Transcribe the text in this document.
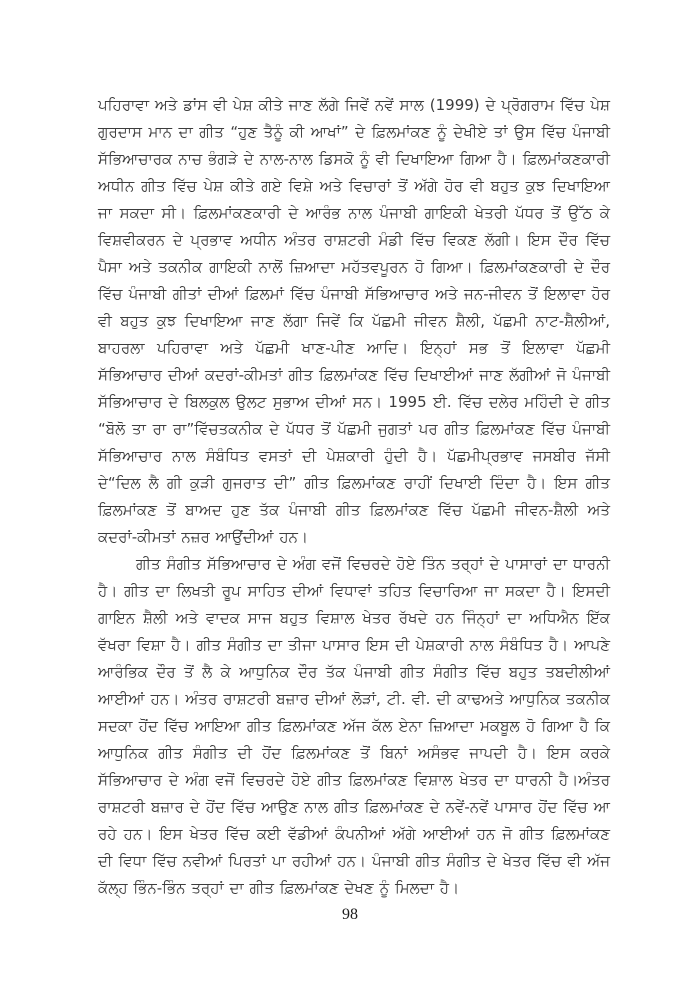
ਪਹਿਰਾਵਾ ਅਤੇ ਡਾਂਸ ਵੀ ਪੇਸ਼ ਕੀਤੇ ਜਾਣ ਲੱਗੇ ਜਿਵੇਂ ਨਵੇਂ ਸਾਲ (1999) ਦੇ ਪ੍ਰੋਗਰਾਮ ਵਿੱਚ ਪੇਸ਼ ਗੁਰਦਾਸ ਮਾਨ ਦਾ ਗੀਤ “ਹੁਣ ਤੈਨੂੰ ਕੀ ਆਖਾਂ” ਦੇ ਫ਼ਿਲਮਾਂਕਣ ਨੂੰ ਦੇਖੀਏ ਤਾਂ ਉਸ ਵਿੱਚ ਪੰਜਾਬੀ ਸੱਭਿਆਚਾਰਕ ਨਾਚ ਭੰਗੜੇ ਦੇ ਨਾਲ-ਨਾਲ ਡਿਸਕੋ ਨੂੰ ਵੀ ਦਿਖਾਇਆ ਗਿਆ ਹੈ। ਫ਼ਿਲਮਾਂਕਣਕਾਰੀ ਅਧੀਨ ਗੀਤ ਵਿੱਚ ਪੇਸ਼ ਕੀਤੇ ਗਏ ਵਿਸ਼ੇ ਅਤੇ ਵਿਚਾਰਾਂ ਤੋਂ ਅੱਗੇ ਹੋਰ ਵੀ ਬਹੁਤ ਕੁਝ ਦਿਖਾਇਆ ਜਾ ਸਕਦਾ ਸੀ। ਫ਼ਿਲਮਾਂਕਣਕਾਰੀ ਦੇ ਆਰੰਭ ਨਾਲ ਪੰਜਾਬੀ ਗਾਇਕੀ ਖੇਤਰੀ ਪੱਧਰ ਤੋਂ ਉੱਠ ਕੇ ਵਿਸ਼ਵੀਕਰਨ ਦੇ ਪ੍ਰਭਾਵ ਅਧੀਨ ਅੰਤਰ ਰਾਸ਼ਟਰੀ ਮੰਡੀ ਵਿੱਚ ਵਿਕਣ ਲੱਗੀ। ਇਸ ਦੌਰ ਵਿੱਚ ਪੈਸਾ ਅਤੇ ਤਕਨੀਕ ਗਾਇਕੀ ਨਾਲੋਂ ਜ਼ਿਆਦਾ ਮਹੱਤਵਪੂਰਨ ਹੋ ਗਿਆ। ਫ਼ਿਲਮਾਂਕਣਕਾਰੀ ਦੇ ਦੌਰ ਵਿੱਚ ਪੰਜਾਬੀ ਗੀਤਾਂ ਦੀਆਂ ਫ਼ਿਲਮਾਂ ਵਿੱਚ ਪੰਜਾਬੀ ਸੱਭਿਆਚਾਰ ਅਤੇ ਜਨ-ਜੀਵਨ ਤੋਂ ਇਲਾਵਾ ਹੋਰ ਵੀ ਬਹੁਤ ਕੁਝ ਦਿਖਾਇਆ ਜਾਣ ਲੱਗਾ ਜਿਵੇਂ ਕਿ ਪੱਛਮੀ ਜੀਵਨ ਸ਼ੈਲੀ, ਪੱਛਮੀ ਨਾਟ-ਸ਼ੈਲੀਆਂ, ਬਾਹਰਲਾ ਪਹਿਰਾਵਾ ਅਤੇ ਪੱਛਮੀ ਖਾਣ-ਪੀਣ ਆਦਿ। ਇਨ੍ਹਾਂ ਸਭ ਤੋਂ ਇਲਾਵਾ ਪੱਛਮੀ ਸੱਭਿਆਚਾਰ ਦੀਆਂ ਕਦਰਾਂ-ਕੀਮਤਾਂ ਗੀਤ ਫ਼ਿਲਮਾਂਕਣ ਵਿੱਚ ਦਿਖਾਈਆਂ ਜਾਣ ਲੱਗੀਆਂ ਜੋ ਪੰਜਾਬੀ ਸੱਭਿਆਚਾਰ ਦੇ ਬਿਲਕੁਲ ਉਲਟ ਸੁਭਾਅ ਦੀਆਂ ਸਨ। 1995 ਈ. ਵਿੱਚ ਦਲੇਰ ਮਹਿੰਦੀ ਦੇ ਗੀਤ “ਬੋਲੋ ਤਾ ਰਾ ਰਾ”ਵਿੱਚਤਕਨੀਕ ਦੇ ਪੱਧਰ ਤੋਂ ਪੱਛਮੀ ਜੁਗਤਾਂ ਪਰ ਗੀਤ ਫ਼ਿਲਮਾਂਕਣ ਵਿੱਚ ਪੰਜਾਬੀ ਸੱਭਿਆਚਾਰ ਨਾਲ ਸੰਬੰਧਿਤ ਵਸਤਾਂ ਦੀ ਪੇਸ਼ਕਾਰੀ ਹੁੰਦੀ ਹੈ। ਪੱਛਮੀਪ੍ਰਭਾਵ ਜਸਬੀਰ ਜੱਸੀ ਦੇ“ਦਿਲ ਲੈ ਗੀ ਕੁੜੀ ਗੁਜਰਾਤ ਦੀ” ਗੀਤ ਫ਼ਿਲਮਾਂਕਣ ਰਾਹੀਂ ਦਿਖਾਈ ਦਿੰਦਾ ਹੈ। ਇਸ ਗੀਤ ਫ਼ਿਲਮਾਂਕਣ ਤੋਂ ਬਾਅਦ ਹੁਣ ਤੱਕ ਪੰਜਾਬੀ ਗੀਤ ਫ਼ਿਲਮਾਂਕਣ ਵਿੱਚ ਪੱਛਮੀ ਜੀਵਨ-ਸ਼ੈਲੀ ਅਤੇ ਕਦਰਾਂ-ਕੀਮਤਾਂ ਨਜ਼ਰ ਆਉਂਦੀਆਂ ਹਨ।

ਗੀਤ ਸੰਗੀਤ ਸੱਭਿਆਚਾਰ ਦੇ ਅੰਗ ਵਜੋਂ ਵਿਚਰਦੇ ਹੋਏ ਤਿੰਨ ਤਰ੍ਹਾਂ ਦੇ ਪਾਸਾਰਾਂ ਦਾ ਧਾਰਨੀ ਹੈ। ਗੀਤ ਦਾ ਲਿਖਤੀ ਰੂਪ ਸਾਹਿਤ ਦੀਆਂ ਵਿਧਾਵਾਂ ਤਹਿਤ ਵਿਚਾਰਿਆ ਜਾ ਸਕਦਾ ਹੈ। ਇਸਦੀ ਗਾਇਨ ਸ਼ੈਲੀ ਅਤੇ ਵਾਦਕ ਸਾਜ ਬਹੁਤ ਵਿਸ਼ਾਲ ਖੇਤਰ ਰੱਖਦੇ ਹਨ ਜਿੰਨ੍ਹਾਂ ਦਾ ਅਧਿਐਨ ਇੱਕ ਵੱਖਰਾ ਵਿਸ਼ਾ ਹੈ। ਗੀਤ ਸੰਗੀਤ ਦਾ ਤੀਜਾ ਪਾਸਾਰ ਇਸ ਦੀ ਪੇਸ਼ਕਾਰੀ ਨਾਲ ਸੰਬੰਧਿਤ ਹੈ। ਆਪਣੇ ਆਰੰਭਿਕ ਦੌਰ ਤੋਂ ਲੈ ਕੇ ਆਧੁਨਿਕ ਦੌਰ ਤੱਕ ਪੰਜਾਬੀ ਗੀਤ ਸੰਗੀਤ ਵਿੱਚ ਬਹੁਤ ਤਬਦੀਲੀਆਂ ਆਈਆਂ ਹਨ। ਅੰਤਰ ਰਾਸ਼ਟਰੀ ਬਜ਼ਾਰ ਦੀਆਂ ਲੋੜਾਂ, ਟੀ. ਵੀ. ਦੀ ਕਾਢਅਤੇ ਆਧੁਨਿਕ ਤਕਨੀਕ ਸਦਕਾ ਹੋਂਦ ਵਿੱਚ ਆਇਆ ਗੀਤ ਫ਼ਿਲਮਾਂਕਣ ਅੱਜ ਕੱਲ ਏਨਾ ਜ਼ਿਆਦਾ ਮਕਬੂਲ ਹੋ ਗਿਆ ਹੈ ਕਿ ਆਧੁਨਿਕ ਗੀਤ ਸੰਗੀਤ ਦੀ ਹੋਂਦ ਫ਼ਿਲਮਾਂਕਣ ਤੋਂ ਬਿਨਾਂ ਅਸੰਭਵ ਜਾਪਦੀ ਹੈ। ਇਸ ਕਰਕੇ ਸੱਭਿਆਚਾਰ ਦੇ ਅੰਗ ਵਜੋਂ ਵਿਚਰਦੇ ਹੋਏ ਗੀਤ ਫ਼ਿਲਮਾਂਕਣ ਵਿਸ਼ਾਲ ਖੇਤਰ ਦਾ ਧਾਰਨੀ ਹੈ।ਅੰਤਰ ਰਾਸ਼ਟਰੀ ਬਜ਼ਾਰ ਦੇ ਹੋਂਦ ਵਿੱਚ ਆਉਣ ਨਾਲ ਗੀਤ ਫ਼ਿਲਮਾਂਕਣ ਦੇ ਨਵੇਂ-ਨਵੇਂ ਪਾਸਾਰ ਹੋਂਦ ਵਿੱਚ ਆ ਰਹੇ ਹਨ। ਇਸ ਖੇਤਰ ਵਿੱਚ ਕਈ ਵੱਡੀਆਂ ਕੰਪਨੀਆਂ ਅੱਗੇ ਆਈਆਂ ਹਨ ਜੋ ਗੀਤ ਫ਼ਿਲਮਾਂਕਣ ਦੀ ਵਿਧਾ ਵਿੱਚ ਨਵੀਆਂ ਪਿਰਤਾਂ ਪਾ ਰਹੀਆਂ ਹਨ। ਪੰਜਾਬੀ ਗੀਤ ਸੰਗੀਤ ਦੇ ਖੇਤਰ ਵਿੱਚ ਵੀ ਅੱਜ ਕੱਲ੍ਹ ਭਿੰਨ-ਭਿੰਨ ਤਰ੍ਹਾਂ ਦਾ ਗੀਤ ਫ਼ਿਲਮਾਂਕਣ ਦੇਖਣ ਨੂੰ ਮਿਲਦਾ ਹੈ।

98
